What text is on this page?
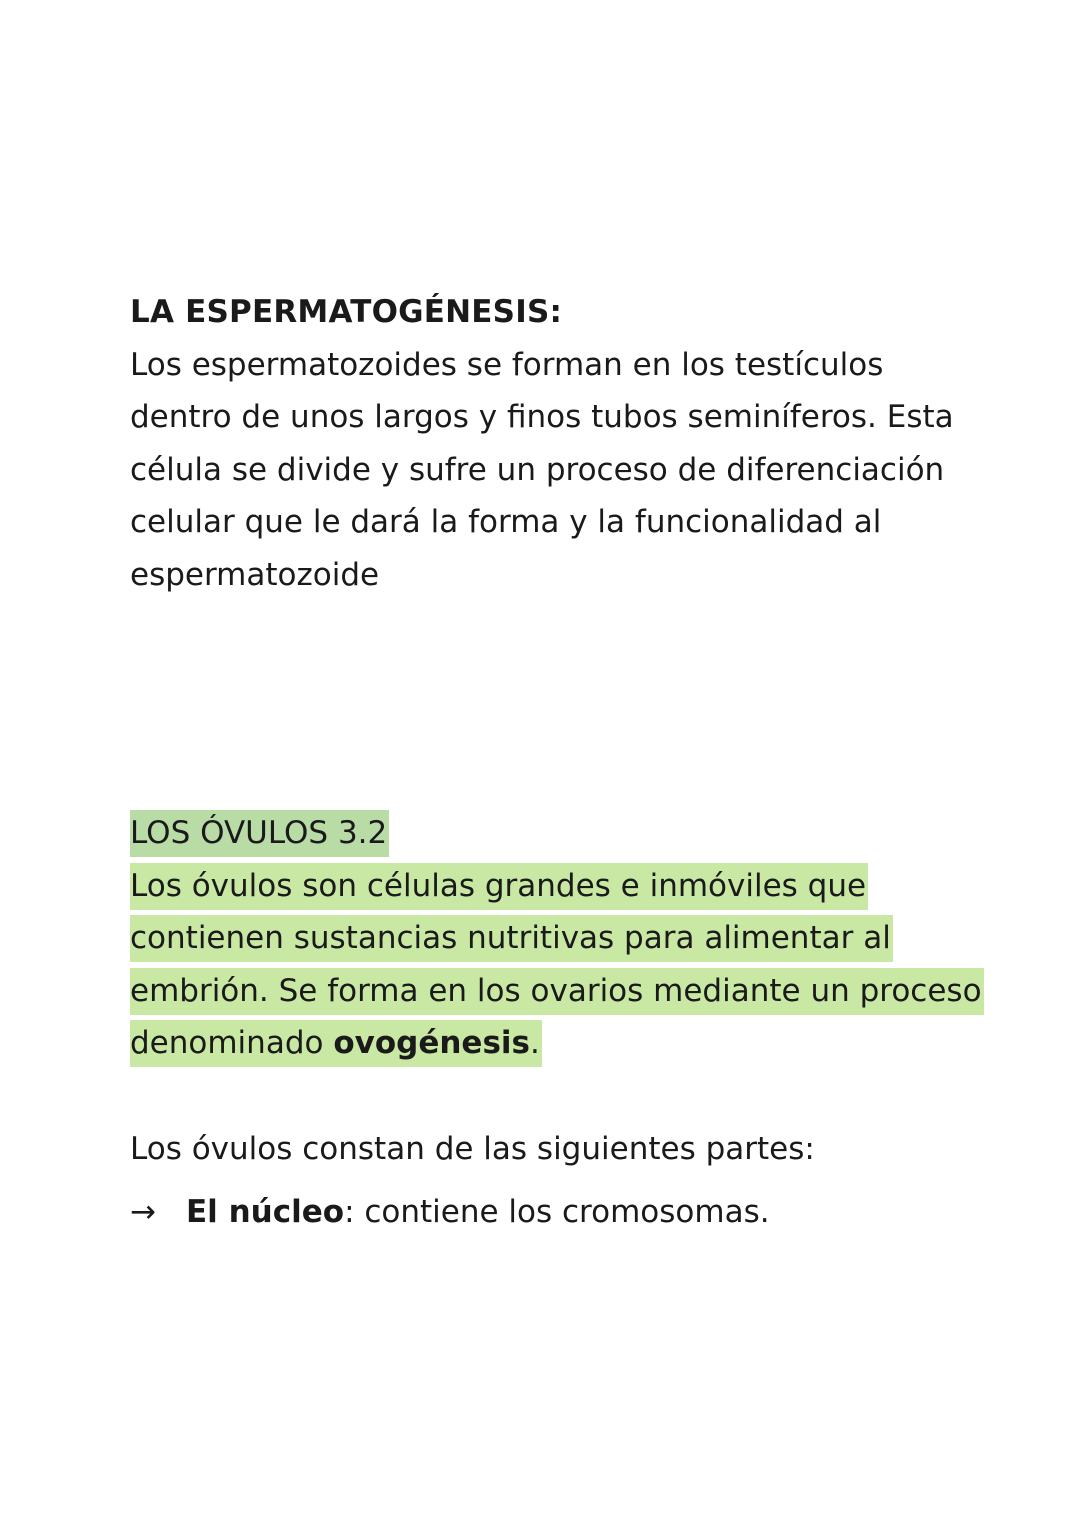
LA ESPERMATOGÉNESIS:
Los espermatozoides se forman en los testículos
dentro de unos largos y finos tubos seminíferos. Esta
célula se divide y sufre un proceso de diferenciación
celular que le dará la forma y la funcionalidad al
espermatozoide
LOS ÓVULOS 3.2
Los óvulos son células grandes e inmóviles que
contienen sustancias nutritivas para alimentar al
embrión. Se forma en los ovarios mediante un proceso
denominado ovogénesis.
Los óvulos constan de las siguientes partes:
→ El núcleo: contiene los cromosomas.
